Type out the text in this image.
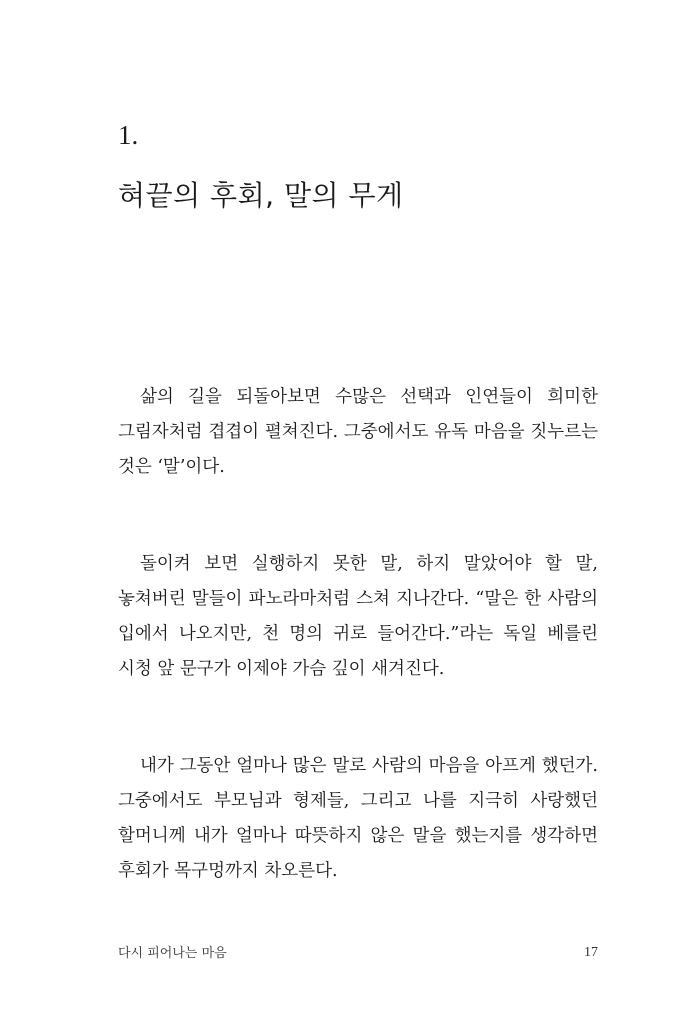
1.
혀끝의 후회, 말의 무게

삶의 길을 되돌아보면 수많은 선택과 인연들이 희미한 그림자처럼 겹겹이 펼쳐진다. 그중에서도 유독 마음을 짓누르는 것은 ‘말’이다.

돌이켜 보면 실행하지 못한 말, 하지 말았어야 할 말, 놓쳐버린 말들이 파노라마처럼 스쳐 지나간다. “말은 한 사람의 입에서 나오지만, 천 명의 귀로 들어간다.”라는 독일 베를린 시청 앞 문구가 이제야 가슴 깊이 새겨진다.

내가 그동안 얼마나 많은 말로 사람의 마음을 아프게 했던가. 그중에서도 부모님과 형제들, 그리고 나를 지극히 사랑했던 할머니께 내가 얼마나 따뜻하지 않은 말을 했는지를 생각하면 후회가 목구멍까지 차오른다.

다시 피어나는 마음	17
